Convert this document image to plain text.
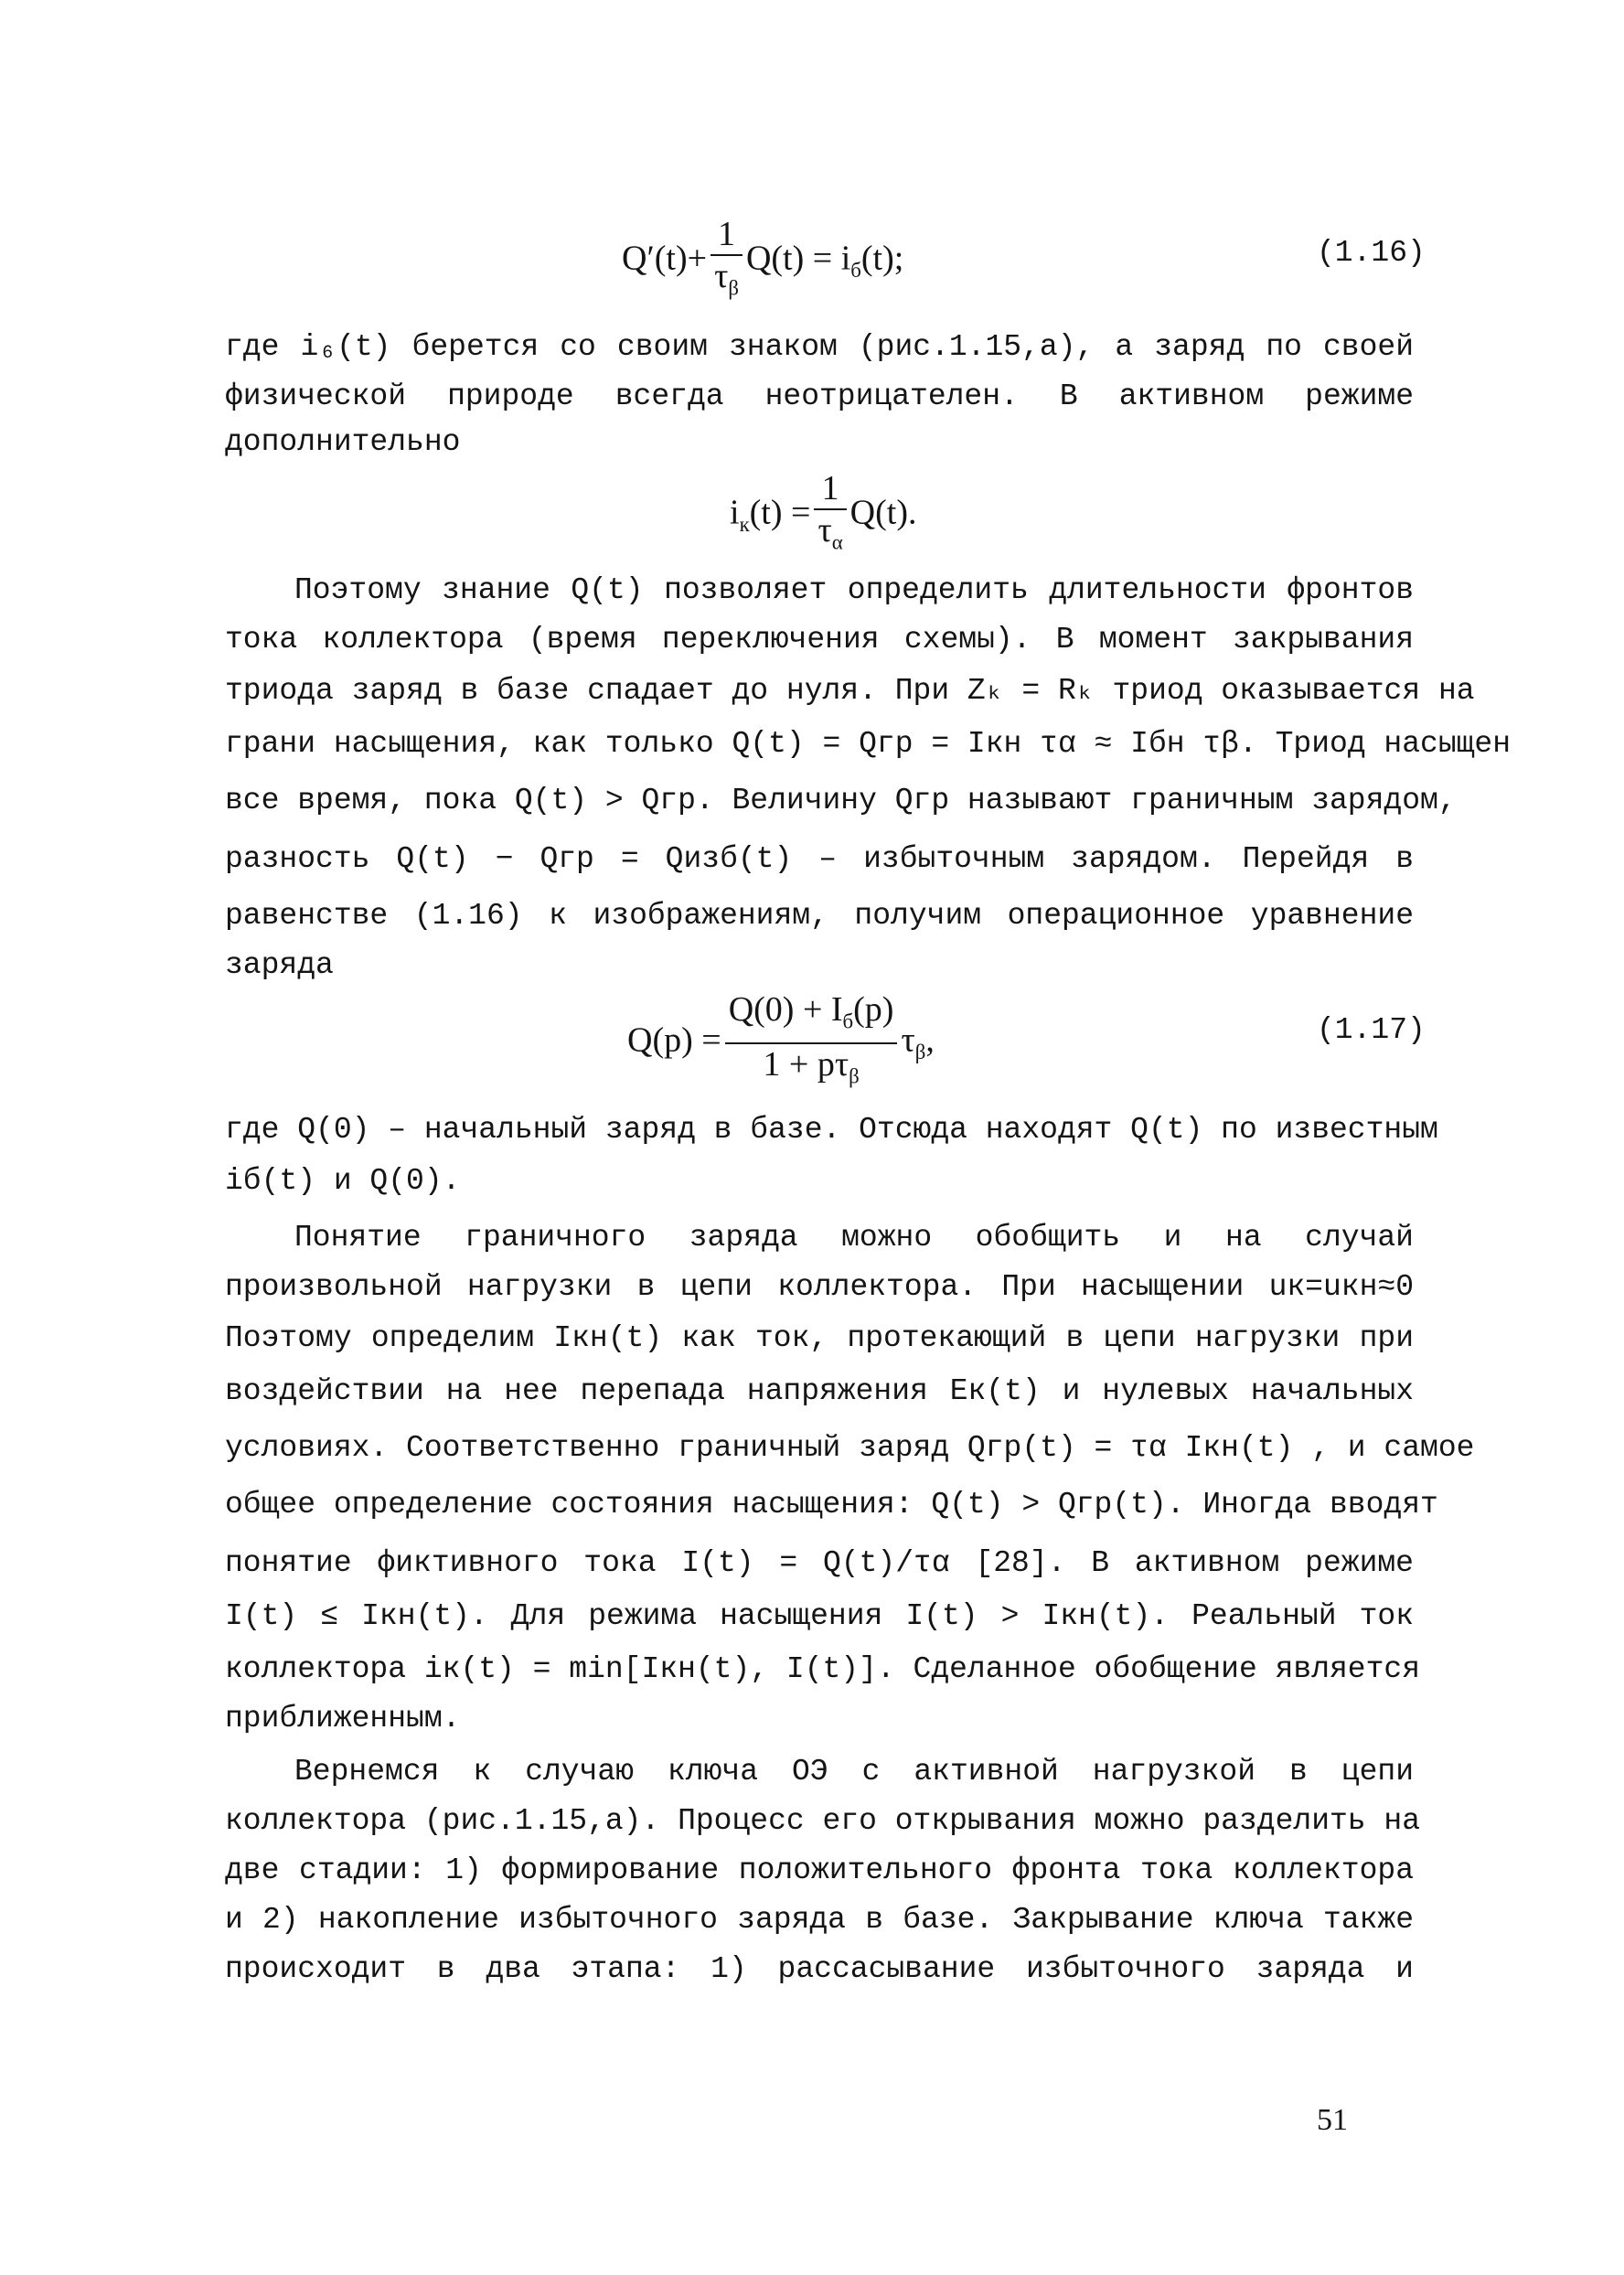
$Q'(t)+ \frac{1}{\tau_\beta} Q(t) = i_б(t)$;	(1.16)
где i₆(t) берется со своим знаком (рис.1.15,а), а заряд по своей
физической природе всегда неотрицателен. В активном режиме
дополнительно
$i_к(t) = \frac{1}{\tau_\alpha} Q(t)$.
Поэтому знание Q(t) позволяет определить длительности фронтов
тока коллектора (время переключения схемы). В момент закрывания
триода заряд в базе спадает до нуля. При Zₖ = Rₖ триод оказывается на
грани насыщения, как только Q(t) = Qгр = Iкн τα ≈ Iбн τβ. Триод насыщен
все время, пока Q(t) > Qгр. Величину Qгр называют граничным зарядом,
разность Q(t) − Qгр = Qизб(t) – избыточным зарядом. Перейдя в
равенстве (1.16) к изображениям, получим операционное уравнение
заряда
$Q(p) = \frac{Q(0) + I_б(p)}{1 + p\tau_\beta} \tau_\beta$,	(1.17)
где Q(0) – начальный заряд в базе. Отсюда находят Q(t) по известным
iб(t) и Q(0).
Понятие граничного заряда можно обобщить и на случай
произвольной нагрузки в цепи коллектора. При насыщении uк=uкн≈0
Поэтому определим Iкн(t) как ток, протекающий в цепи нагрузки при
воздействии на нее перепада напряжения Eк(t) и нулевых начальных
условиях. Соответственно граничный заряд Qгр(t) = τα Iкн(t) , и самое
общее определение состояния насыщения: Q(t) > Qгр(t). Иногда вводят
понятие фиктивного тока I(t) = Q(t)/τα [28]. В активном режиме
I(t) ≤ Iкн(t). Для режима насыщения I(t) > Iкн(t). Реальный ток
коллектора iк(t) = min[Iкн(t), I(t)]. Сделанное обобщение является
приближенным.
Вернемся к случаю ключа ОЭ с активной нагрузкой в цепи
коллектора (рис.1.15,а). Процесс его открывания можно разделить на
две стадии: 1) формирование положительного фронта тока коллектора
и 2) накопление избыточного заряда в базе. Закрывание ключа также
происходит в два этапа: 1) рассасывание избыточного заряда и
51
